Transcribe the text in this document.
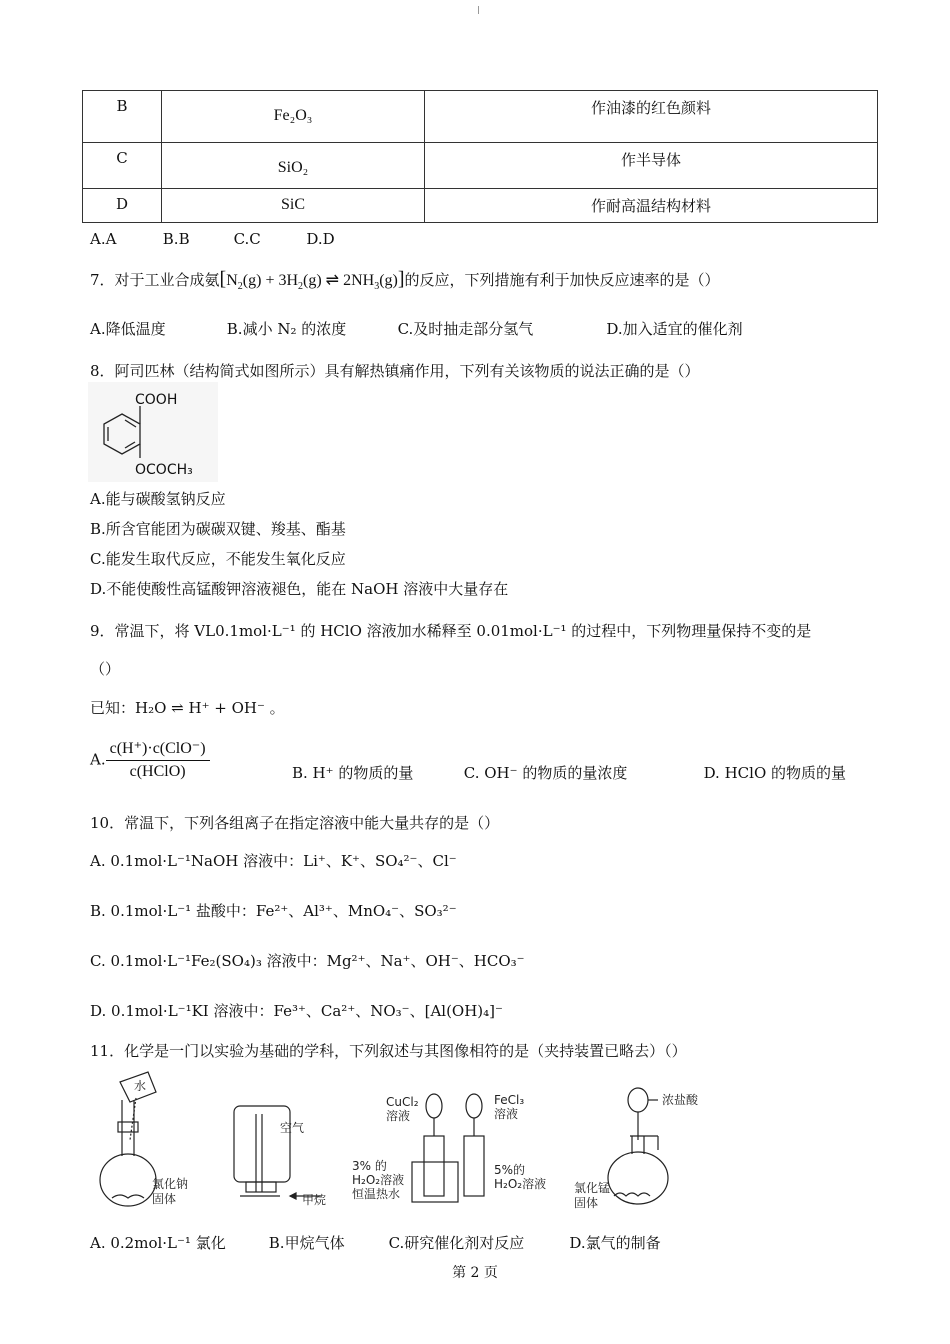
B	Fe₂O₃	作油漆的红色颜料
C	SiO₂	作半导体
D	SiC	作耐高温结构材料
A.A	B.B	C.C	D.D
7．对于工业合成氨[$N_2(g) + 3H_2(g)$ ⇌ $2NH_3(g)$]的反应，下列措施有利于加快反应速率的是（）
A.降低温度	B.减小 N₂ 的浓度	C.及时抽走部分氢气	D.加入适宜的催化剂
8．阿司匹林（结构简式如图所示）具有解热镇痛作用，下列有关该物质的说法正确的是（）
COOH
OCOCH₃
A.能与碳酸氢钠反应
B.所含官能团为碳碳双键、羧基、酯基
C.能发生取代反应，不能发生氧化反应
D.不能使酸性高锰酸钾溶液褪色，能在 NaOH 溶液中大量存在
9．常温下，将 VL0.1mol·L⁻¹ 的 HClO 溶液加水稀释至 0.01mol·L⁻¹ 的过程中，下列物理量保持不变的是
（）
已知：H₂O ⇌ H⁺ + OH⁻ 。
A. $\frac{\text{c(H⁺)·c(ClO⁻)}}{\text{c(HClO)}}$	B. H⁺ 的物质的量	C. OH⁻ 的物质的量浓度	D. HClO 的物质的量
10．常温下，下列各组离子在指定溶液中能大量共存的是（）
A. 0.1mol·L⁻¹NaOH 溶液中：Li⁺、K⁺、SO₄²⁻、Cl⁻
B. 0.1mol·L⁻¹ 盐酸中：Fe²⁺、Al³⁺、MnO₄⁻、SO₃²⁻
C. 0.1mol·L⁻¹Fe₂(SO₄)₃ 溶液中：Mg²⁺、Na⁺、OH⁻、HCO₃⁻
D. 0.1mol·L⁻¹KI 溶液中：Fe³⁺、Ca²⁺、NO₃⁻、[Al(OH)₄]⁻
11．化学是一门以实验为基础的学科，下列叙述与其图像相符的是（夹持装置已略去）（）
水
氯化钠
固体
空气
甲烷
CuCl₂
溶液
FeCl₃
溶液
3% 的
H₂O₂溶液
恒温热水
5%的
H₂O₂溶液
浓盐酸
氯化锰
固体
A. 0.2mol·L⁻¹ 氯化	B.甲烷气体	C.研究催化剂对反应	D.氯气的制备
第 2 页
